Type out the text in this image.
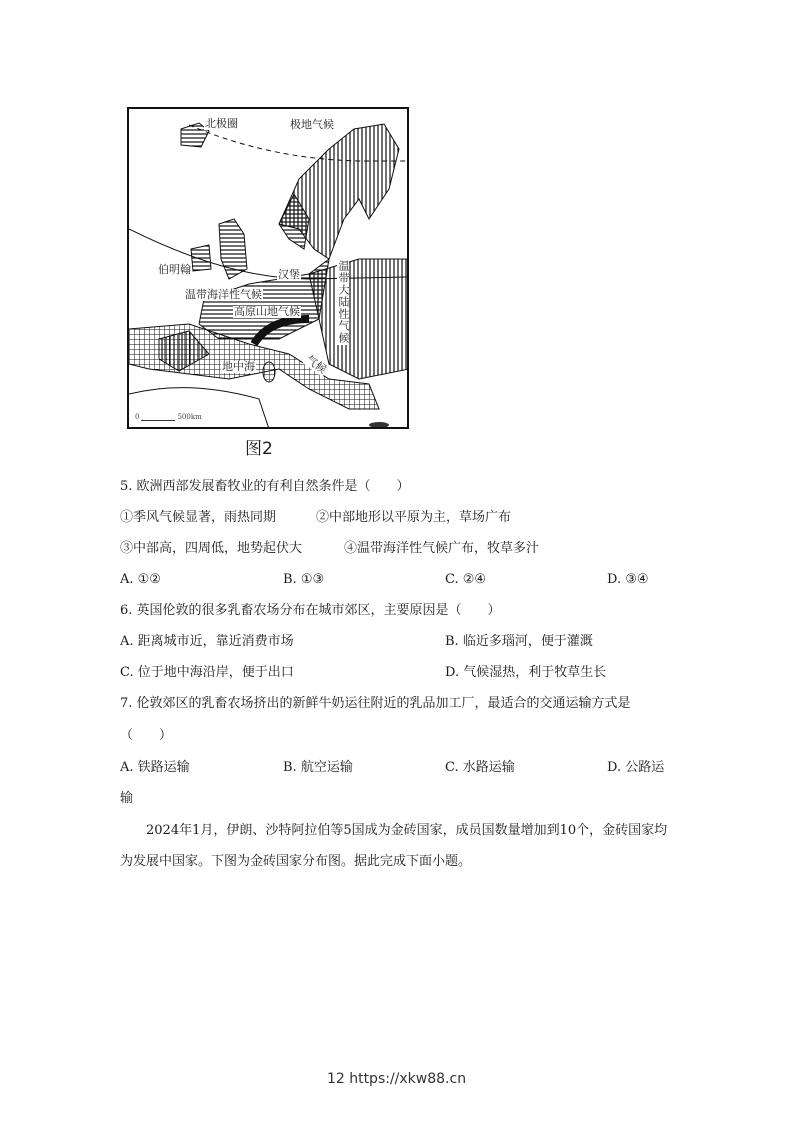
北极圈	极地气候
伯明翰	汉堡
温带海洋性气候
高原山地气候	温带大陆性气候
地中海	气候
0	500km
图2
5. 欧洲西部发展畜牧业的有利自然条件是（　　）
①季风气候显著，雨热同期	②中部地形以平原为主，草场广布
③中部高，四周低，地势起伏大	④温带海洋性气候广布，牧草多汁
A. ①②	B. ①③	C. ②④	D. ③④
6. 英国伦敦的很多乳畜农场分布在城市郊区，主要原因是（　　）
A. 距离城市近，靠近消费市场	B. 临近多瑙河，便于灌溉
C. 位于地中海沿岸，便于出口	D. 气候湿热，利于牧草生长
7. 伦敦郊区的乳畜农场挤出的新鲜牛奶运往附近的乳品加工厂，最适合的交通运输方式是
（　　）
A. 铁路运输	B. 航空运输	C. 水路运输	D. 公路运
输
2024年1月，伊朗、沙特阿拉伯等5国成为金砖国家，成员国数量增加到10个，金砖国家均为发展中国家。下图为金砖国家分布图。据此完成下面小题。
12 https://xkw88.cn
